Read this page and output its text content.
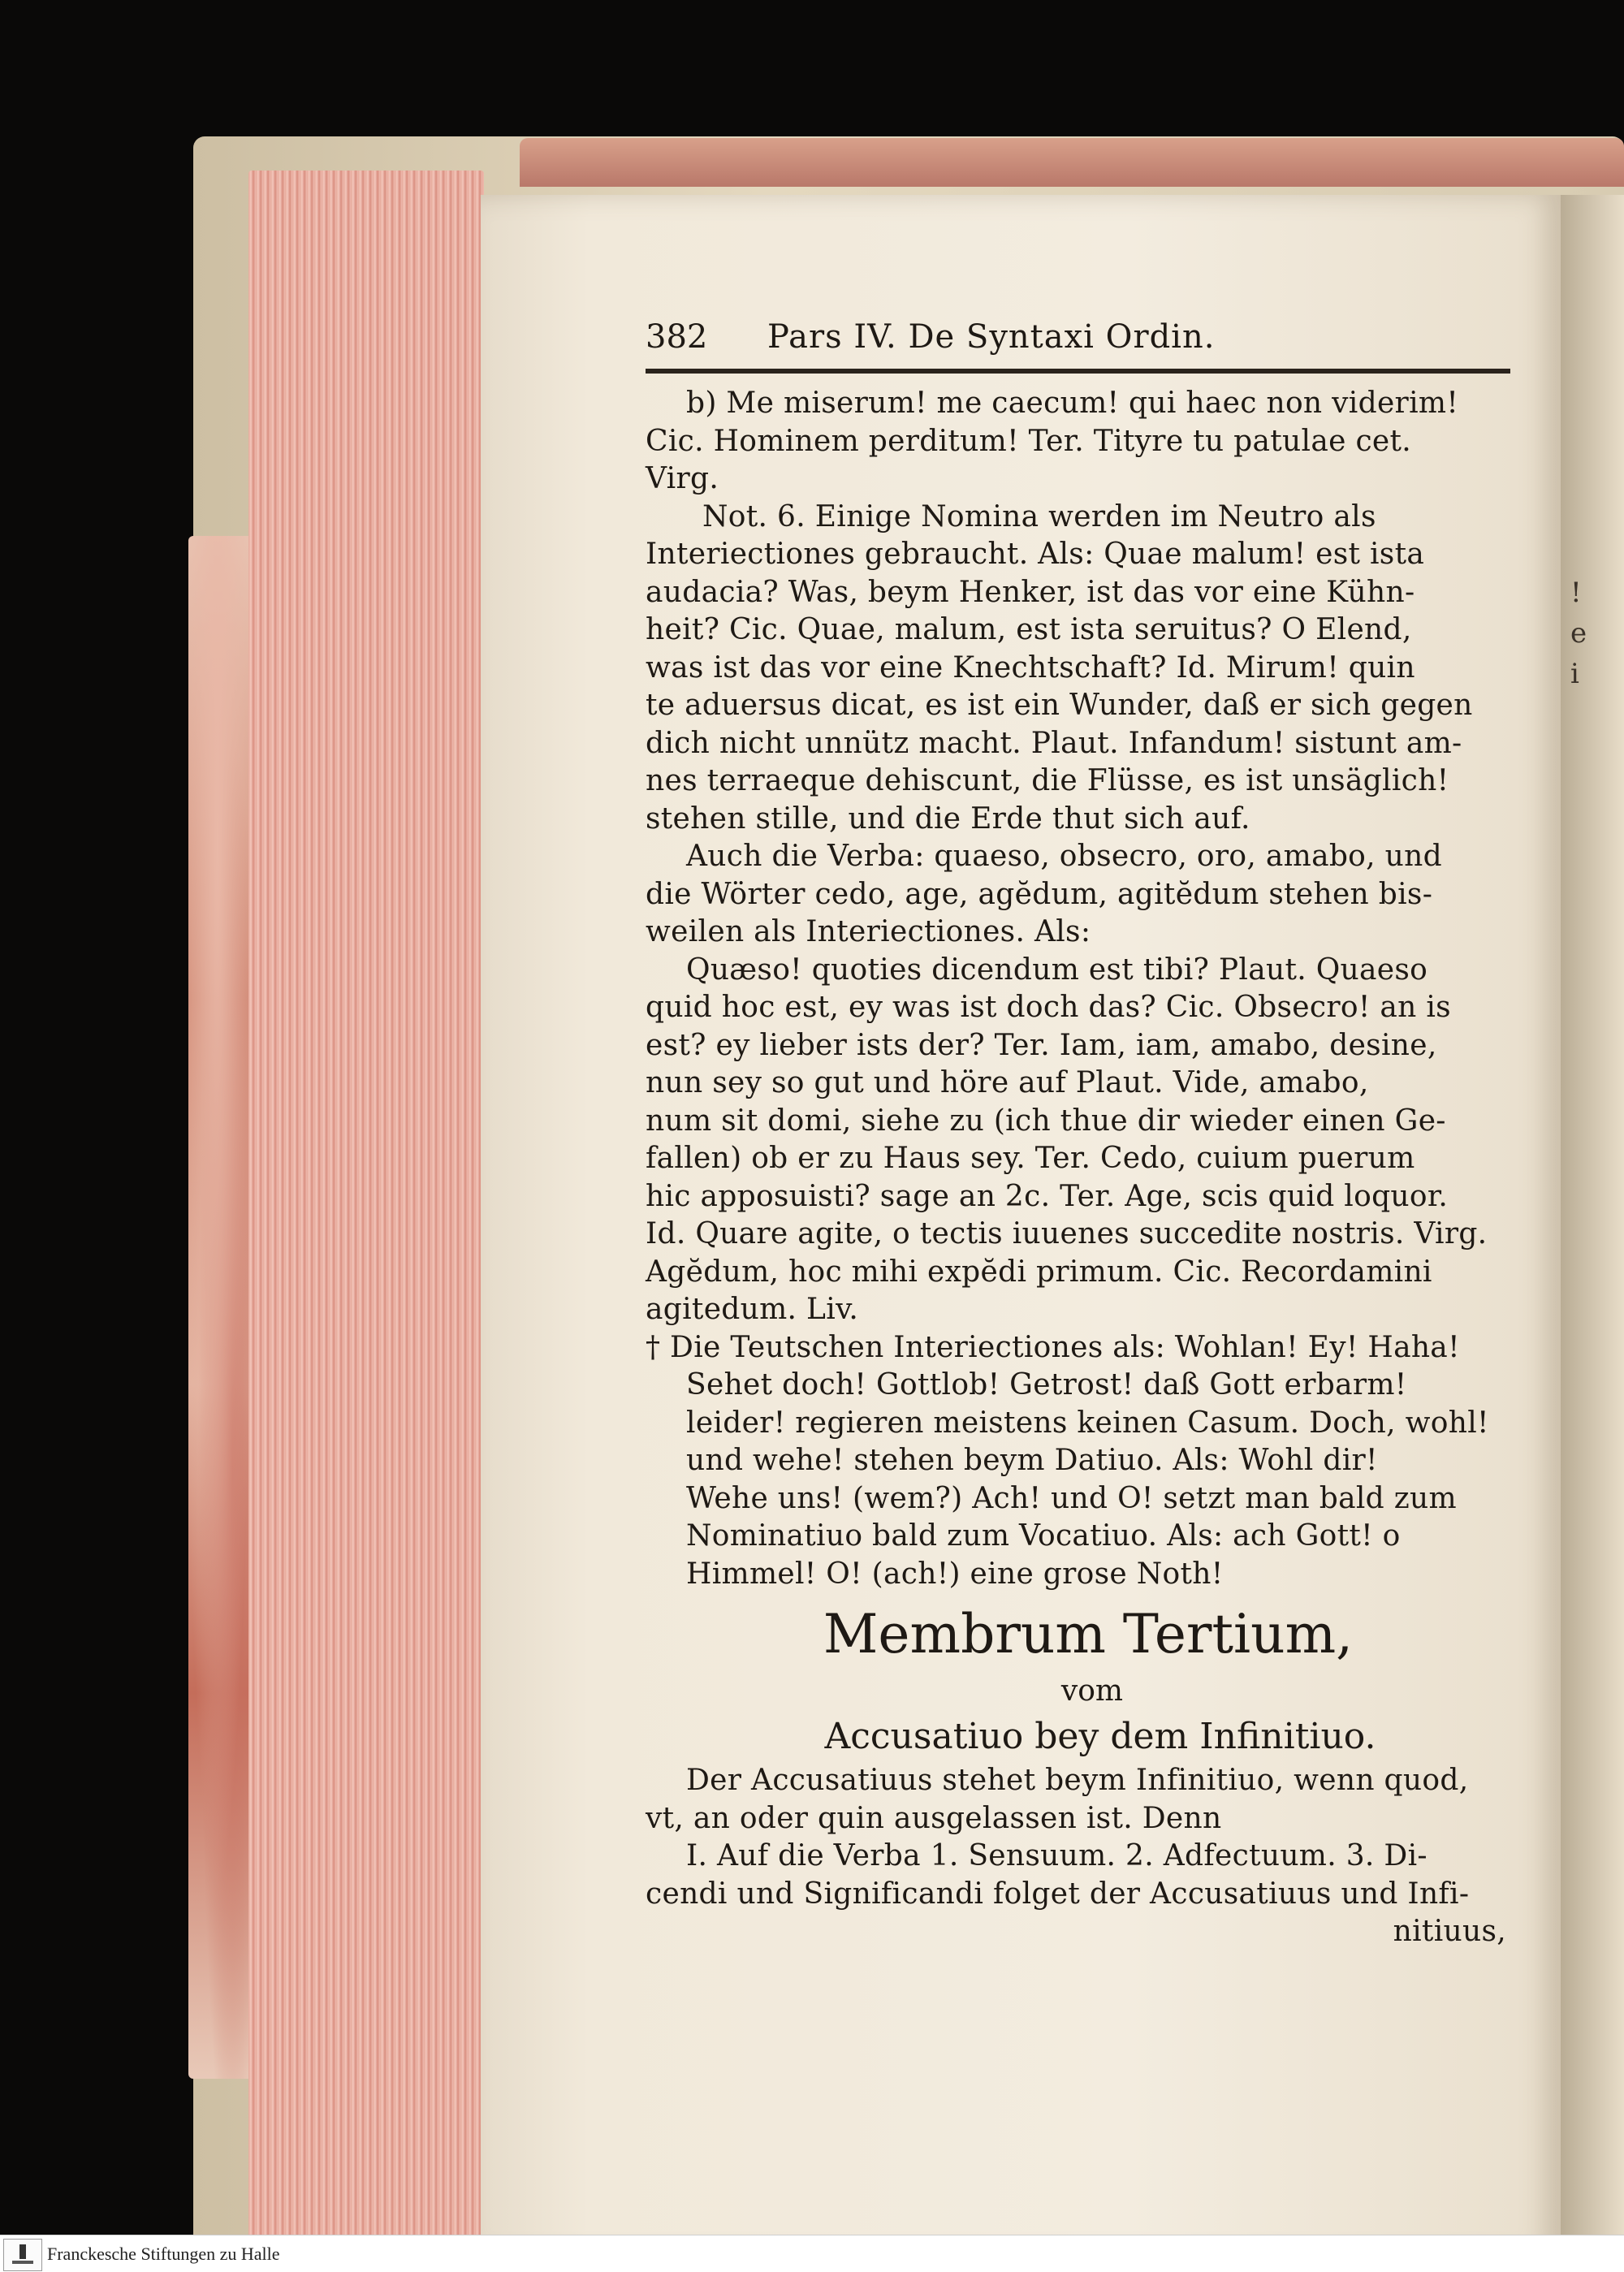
!
e
i
382	Pars IV. De Syntaxi Ordin.
b) Me miserum! me caecum! qui haec non viderim!
Cic. Hominem perditum! Ter. Tityre tu patulae cet.
Virg.
Not. 6. Einige Nomina werden im Neutro als
Interiectiones gebraucht. Als: Quae malum! est ista
audacia? Was, beym Henker, ist das vor eine Kühn-
heit? Cic. Quae, malum, est ista seruitus? O Elend,
was ist das vor eine Knechtschaft? Id. Mirum! quin
te aduersus dicat, es ist ein Wunder, daß er sich gegen
dich nicht unnütz macht. Plaut. Infandum! sistunt am-
nes terraeque dehiscunt, die Flüsse, es ist unsäglich!
stehen stille, und die Erde thut sich auf.
Auch die Verba: quaeso, obsecro, oro, amabo, und
die Wörter cedo, age, agĕdum, agitĕdum stehen bis-
weilen als Interiectiones. Als:
Quæso! quoties dicendum est tibi? Plaut. Quaeso
quid hoc est, ey was ist doch das? Cic. Obsecro! an is
est? ey lieber ists der? Ter. Iam, iam, amabo, desine,
nun sey so gut und höre auf Plaut. Vide, amabo,
num sit domi, siehe zu (ich thue dir wieder einen Ge-
fallen) ob er zu Haus sey. Ter. Cedo, cuium puerum
hic apposuisti? sage an 2c. Ter. Age, scis quid loquor.
Id. Quare agite, o tectis iuuenes succedite nostris. Virg.
Agĕdum, hoc mihi expĕdi primum. Cic. Recordamini
agitedum. Liv.
† Die Teutschen Interiectiones als: Wohlan! Ey! Haha!
Sehet doch! Gottlob! Getrost! daß Gott erbarm!
leider! regieren meistens keinen Casum. Doch, wohl!
und wehe! stehen beym Datiuo. Als: Wohl dir!
Wehe uns! (wem?) Ach! und O! setzt man bald zum
Nominatiuo bald zum Vocatiuo. Als: ach Gott! o
Himmel! O! (ach!) eine grose Noth!
Membrum Tertium,
vom
Accusatiuo bey dem Infinitiuo.
Der Accusatiuus stehet beym Infinitiuo, wenn quod,
vt, an oder quin ausgelassen ist. Denn
I. Auf die Verba 1. Sensuum. 2. Adfectuum. 3. Di-
cendi und Significandi folget der Accusatiuus und Infi-
nitiuus,
Franckesche Stiftungen zu Halle
